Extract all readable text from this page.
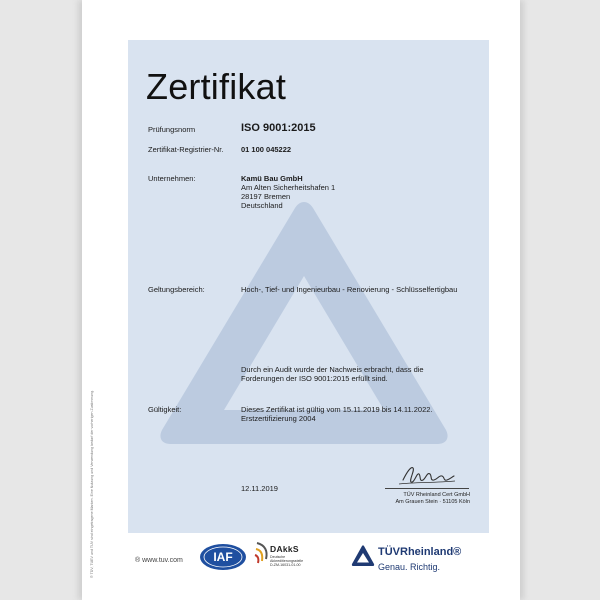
Zertifikat
Prüfungsnorm	ISO 9001:2015
Zertifikat-Registrier-Nr. 01 100 045222
Unternehmen:	Kamü Bau GmbH
Am Alten Sicherheitshafen 1
28197 Bremen
Deutschland
Geltungsbereich:	Hoch-, Tief- und Ingenieurbau - Renovierung - Schlüsselfertigbau
Durch ein Audit wurde der Nachweis erbracht, dass die
Forderungen der ISO 9001:2015 erfüllt sind.
Gültigkeit:	Dieses Zertifikat ist gültig vom 15.11.2019 bis 14.11.2022.
Erstzertifizierung 2004
12.11.2019
TÜV Rheinland Cert GmbH
Am Grauen Stein · 51105 Köln
® TÜV, TUEV und TUV sind eingetragene Marken. Eine Nutzung und Verwendung bedarf der vorherigen Zustimmung.	® www.tuv.com	IAF
DAkkS
Deutsche
Akkreditierungsstelle
D-ZM-16031-01-00
TÜVRheinland®
Genau. Richtig.
